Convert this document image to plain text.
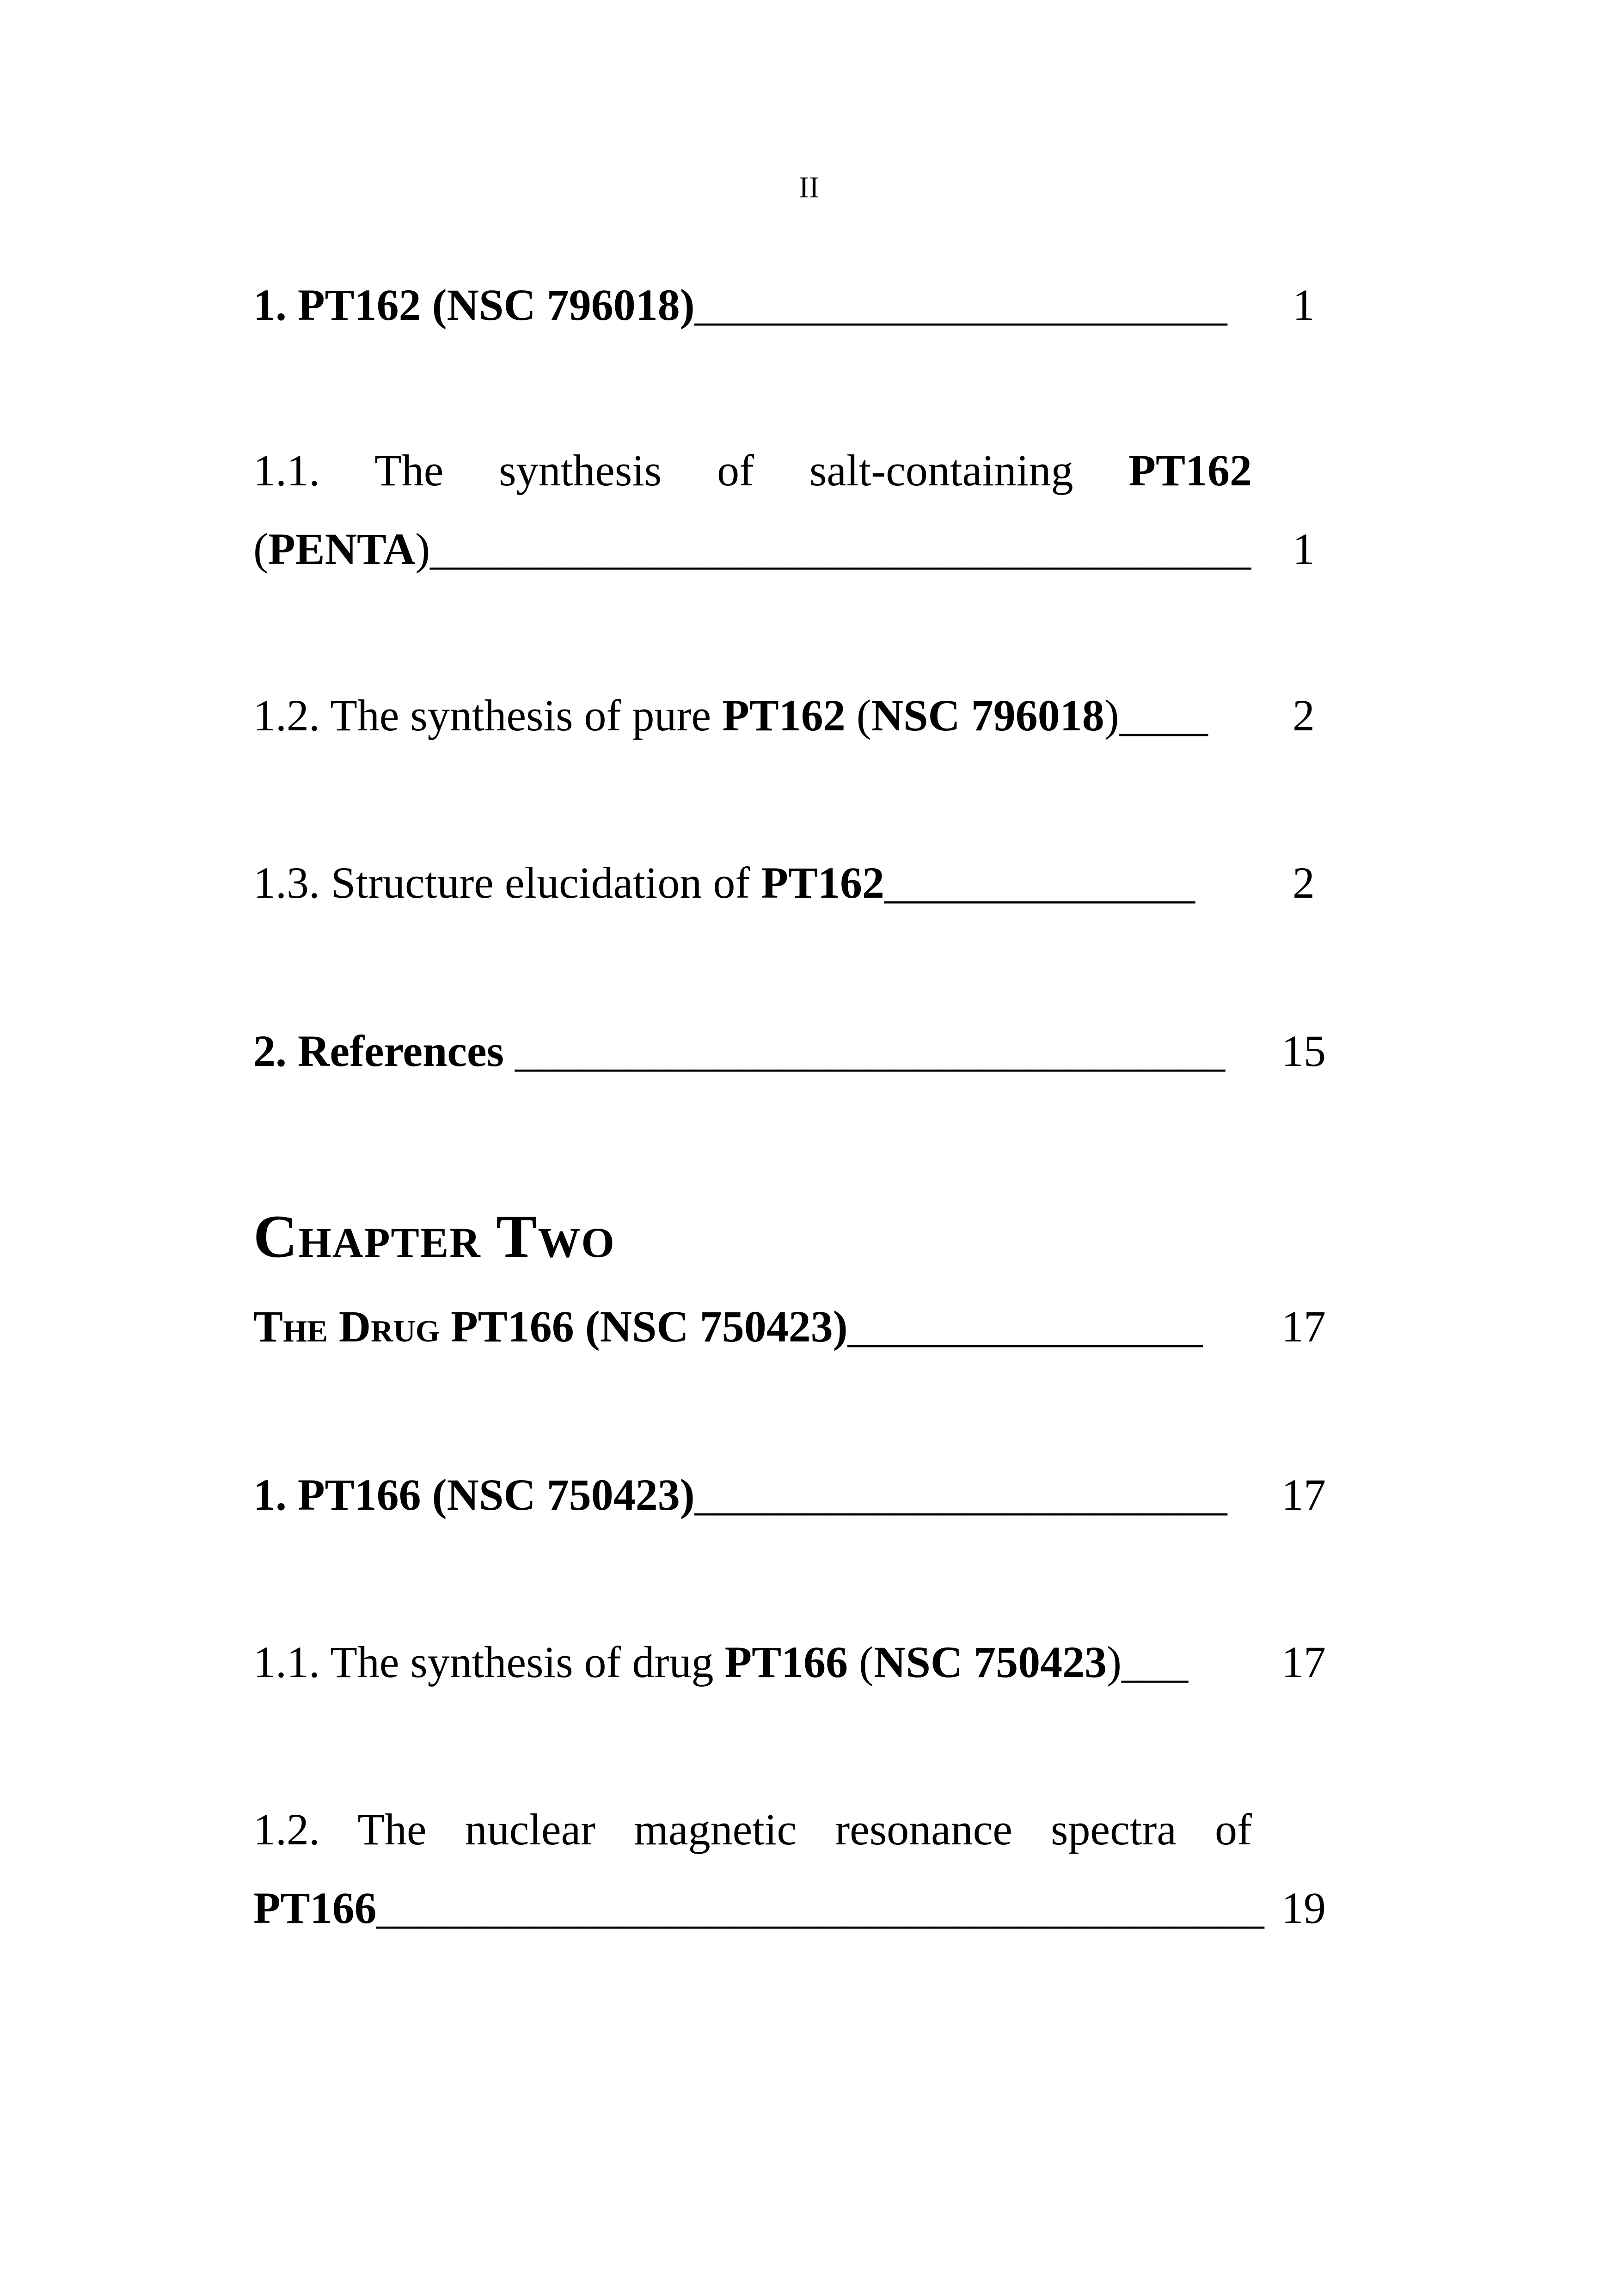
II
1. PT162 (NSC 796018)________________________	1
1.1. The synthesis of salt-containing PT162
(PENTA)_____________________________________ 1
1.2. The synthesis of pure PT162 (NSC 796018)____	2
1.3. Structure elucidation of PT162______________	2
2. References ________________________________	15
Chapter Two
The Drug PT166 (NSC 750423)________________	17
1. PT166 (NSC 750423)________________________	17
1.1. The synthesis of drug PT166 (NSC 750423)___	17
1.2. The nuclear magnetic resonance spectra of
PT166________________________________________ 19
